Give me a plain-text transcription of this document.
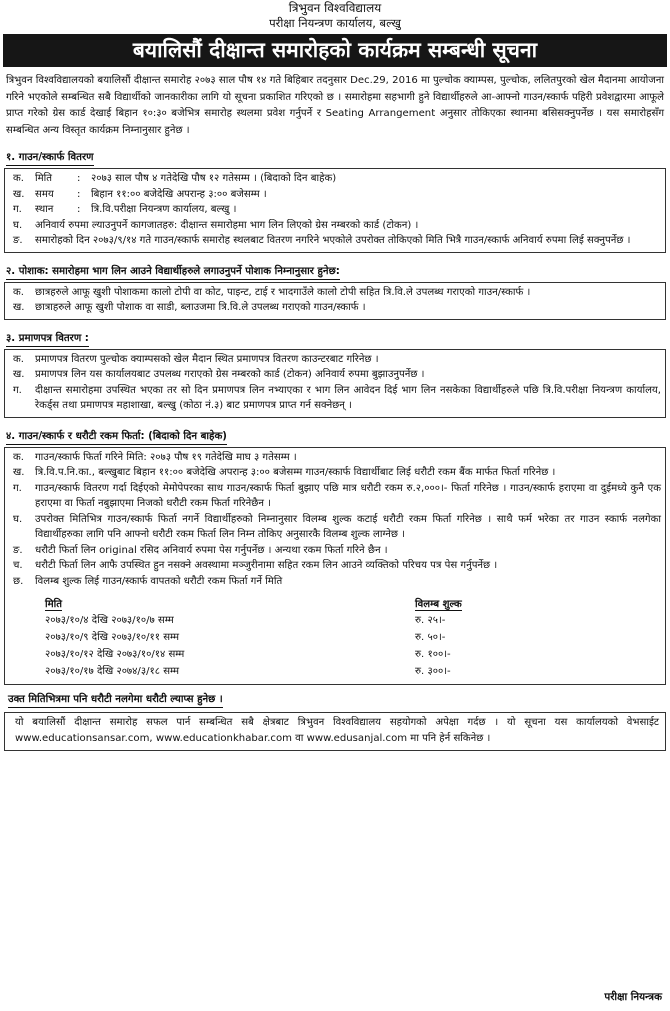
त्रिभुवन विश्वविद्यालय
परीक्षा नियन्त्रण कार्यालय, बल्खु
बयालिसौं दीक्षान्त समारोहको कार्यक्रम सम्बन्धी सूचना
त्रिभुवन विश्वविद्यालयको बयालिसौं दीक्षान्त समारोह २०७३ साल पौष १४ गते बिहिबार तदनुसार Dec.29, 2016 मा पुल्चोक क्याम्पस, पुल्चोक, ललितपुरको खेल मैदानमा आयोजना गरिने भएकोले सम्बन्धित सबै विद्यार्थीको जानकारीका लागि यो सूचना प्रकाशित गरिएको छ । समारोहमा सहभागी हुने विद्यार्थीहरुले आ-आफ्नो गाउन/स्कार्फ पहिरी प्रवेशद्वारमा आफूले प्राप्त गरेको ग्रेस कार्ड देखाई बिहान १०:३० बजेभित्र समारोह स्थलमा प्रवेश गर्नुपर्ने र Seating Arrangement अनुसार तोकिएका स्थानमा बसिसक्नुपर्नेछ । यस समारोहसँग सम्बन्धित अन्य विस्तृत कार्यक्रम निम्नानुसार हुनेछ ।
१. गाउन/स्कार्फ वितरण
क.	मिति	:	२०७३ साल पौष ४ गतेदेखि पौष १२ गतेसम्म । (बिदाको दिन बाहेक)
ख.	समय	:	बिहान ११:०० बजेदेखि अपरान्ह ३:०० बजेसम्म ।
ग.	स्थान	:	त्रि.वि.परीक्षा नियन्त्रण कार्यालय, बल्खु ।
घ.	अनिवार्य रुपमा ल्याउनुपर्ने कागजातहरु: दीक्षान्त समारोहमा भाग लिन लिएको ग्रेस नम्बरको कार्ड (टोकन) ।
ङ.	समारोहको दिन २०७३/९/१४ गते गाउन/स्कार्फ समारोह स्थलबाट वितरण नगरिने भएकोले उपरोक्त तोकिएको मिति भित्रै गाउन/स्कार्फ अनिवार्य रुपमा लिई सक्नुपर्नेछ ।
२. पोशाक: समारोहमा भाग लिन आउने विद्यार्थीहरुले लगाउनुपर्ने पोशाक निम्नानुसार हुनेछ:
क.	छात्रहरुले आफू खुशी पोशाकमा कालो टोपी वा कोट, पाइन्ट, टाई र भादगाउँले कालो टोपी सहित त्रि.वि.ले उपलब्ध गराएको गाउन/स्कार्फ ।
ख.	छात्राहरुले आफू खुशी पोशाक वा साडी, ब्लाउजमा त्रि.वि.ले उपलब्ध गराएको गाउन/स्कार्फ ।
३. प्रमाणपत्र वितरण :
क.	प्रमाणपत्र वितरण पुल्चोक क्याम्पसको खेल मैदान स्थित प्रमाणपत्र वितरण काउन्टरबाट गरिनेछ ।
ख.	प्रमाणपत्र लिन यस कार्यालयबाट उपलब्ध गराएको ग्रेस नम्बरको कार्ड (टोकन) अनिवार्य रुपमा बुझाउनुपर्नेछ ।
ग.	दीक्षान्त समारोहमा उपस्थित भएका तर सो दिन प्रमाणपत्र लिन नभ्याएका र भाग लिन आवेदन दिई भाग लिन नसकेका विद्यार्थीहरुले पछि त्रि.वि.परीक्षा नियन्त्रण कार्यालय, रेकर्ड्स तथा प्रमाणपत्र महाशाखा, बल्खु (कोठा नं.३) बाट प्रमाणपत्र प्राप्त गर्न सक्नेछन् ।
४. गाउन/स्कार्फ र धरौटी रकम फिर्ता: (बिदाको दिन बाहेक)
क.	गाउन/स्कार्फ फिर्ता गरिने मिति: २०७३ पौष १९ गतेदेखि माघ ३ गतेसम्म ।
ख.	त्रि.वि.प.नि.का., बल्खुबाट बिहान ११:०० बजेदेखि अपरान्ह ३:०० बजेसम्म गाउन/स्कार्फ विद्यार्थीबाट लिई धरौटी रकम बैंक मार्फत फिर्ता गरिनेछ ।
ग.	गाउन/स्कार्फ वितरण गर्दा दिईएको मेमोपेपरका साथ गाउन/स्कार्फ फिर्ता बुझाए पछि मात्र धरौटी रकम रु.२,०००।- फिर्ता गरिनेछ । गाउन/स्कार्फ हराएमा वा दुईमध्ये कुनै एक हराएमा वा फिर्ता नबुझाएमा निजको धरौटी रकम फिर्ता गरिनेछैन ।
घ.	उपरोक्त मितिभित्र गाउन/स्कार्फ फिर्ता नगर्ने विद्यार्थीहरुको निम्नानुसार विलम्ब शुल्क कटाई धरौटी रकम फिर्ता गरिनेछ । साथै फर्म भरेका तर गाउन स्कार्फ नलगेका विद्यार्थीहरुका लागि पनि आफ्नो धरौटी रकम फिर्ता लिन निम्न तोकिए अनुसारकै विलम्ब शुल्क लाग्नेछ ।
ङ.	धरौटी फिर्ता लिन original रसिद अनिवार्य रुपमा पेस गर्नुपर्नेछ । अन्यथा रकम फिर्ता गरिने छैन ।
च.	धरौटी फिर्ता लिन आफै उपस्थित हुन नसक्ने अवस्थामा मञ्जुरीनामा सहित रकम लिन आउने व्यक्तिको परिचय पत्र पेस गर्नुपर्नेछ ।
छ.	विलम्ब शुल्क लिई गाउन/स्कार्फ वापतको धरौटी रकम फिर्ता गर्ने मिति
मिति	विलम्ब शुल्क
२०७३/१०/४ देखि २०७३/१०/७ सम्म	रु. २५।-
२०७३/१०/९ देखि २०७३/१०/११ सम्म	रु. ५०।-
२०७३/१०/१२ देखि २०७३/१०/१४ सम्म	रु. १००।-
२०७३/१०/१७ देखि २०७४/३/१८ सम्म	रु. ३००।-
उक्त मितिभित्रमा पनि धरौटी नलगेमा धरौटी ल्याप्स हुनेछ ।
यो बयालिसौं दीक्षान्त समारोह सफल पार्न सम्बन्धित सबै क्षेत्रबाट त्रिभुवन विश्वविद्यालय सहयोगको अपेक्षा गर्दछ । यो सूचना यस कार्यालयको वेभसाईट www.educationsansar.com, www.educationkhabar.com वा www.edusanjal.com मा पनि हेर्न सकिनेछ ।
परीक्षा नियन्त्रक
